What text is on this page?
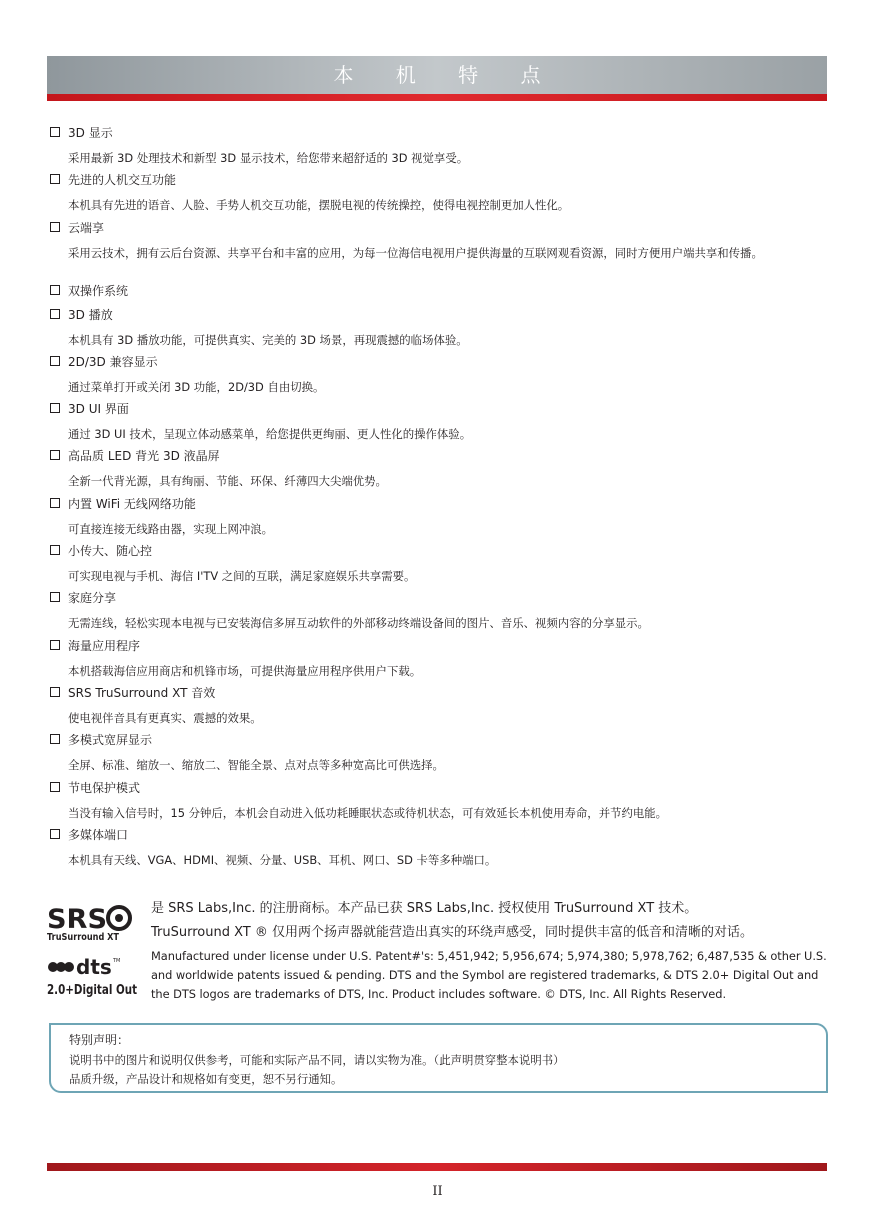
本 机 特 点
3D 显示
采用最新 3D 处理技术和新型 3D 显示技术，给您带来超舒适的 3D 视觉享受。
先进的人机交互功能
本机具有先进的语音、人脸、手势人机交互功能，摆脱电视的传统操控，使得电视控制更加人性化。
云端享
采用云技术，拥有云后台资源、共享平台和丰富的应用，为每一位海信电视用户提供海量的互联网观看资源，同时方便用户端共享和传播。
双操作系统
3D 播放
本机具有 3D 播放功能，可提供真实、完美的 3D 场景，再现震撼的临场体验。
2D/3D 兼容显示
通过菜单打开或关闭 3D 功能，2D/3D 自由切换。
3D UI 界面
通过 3D UI 技术，呈现立体动感菜单，给您提供更绚丽、更人性化的操作体验。
高品质 LED 背光 3D 液晶屏
全新一代背光源，具有绚丽、节能、环保、纤薄四大尖端优势。
内置 WiFi 无线网络功能
可直接连接无线路由器，实现上网冲浪。
小传大、随心控
可实现电视与手机、海信 I'TV 之间的互联，满足家庭娱乐共享需要。
家庭分享
无需连线，轻松实现本电视与已安装海信多屏互动软件的外部移动终端设备间的图片、音乐、视频内容的分享显示。
海量应用程序
本机搭载海信应用商店和机锋市场，可提供海量应用程序供用户下载。
SRS TruSurround XT 音效
使电视伴音具有更真实、震撼的效果。
多模式宽屏显示
全屏、标准、缩放一、缩放二、智能全景、点对点等多种宽高比可供选择。
节电保护模式
当没有输入信号时，15 分钟后，本机会自动进入低功耗睡眠状态或待机状态，可有效延长本机使用寿命，并节约电能。
多媒体端口
本机具有天线、VGA、HDMI、视频、分量、USB、耳机、网口、SD 卡等多种端口。
SRS
TruSurround XT
dts TM
2.0+Digital Out
是 SRS Labs,Inc. 的注册商标。本产品已获 SRS Labs,Inc. 授权使用 TruSurround XT 技术。
TruSurround XT ® 仅用两个扬声器就能营造出真实的环绕声感受，同时提供丰富的低音和清晰的对话。
Manufactured under license under U.S. Patent#'s: 5,451,942; 5,956,674; 5,974,380; 5,978,762; 6,487,535 & other U.S. and worldwide patents issued & pending. DTS and the Symbol are registered trademarks, & DTS 2.0+ Digital Out and the DTS logos are trademarks of DTS, Inc. Product includes software. © DTS, Inc. All Rights Reserved.
特别声明：
说明书中的图片和说明仅供参考，可能和实际产品不同，请以实物为准。（此声明贯穿整本说明书）
品质升级，产品设计和规格如有变更，恕不另行通知。
II
